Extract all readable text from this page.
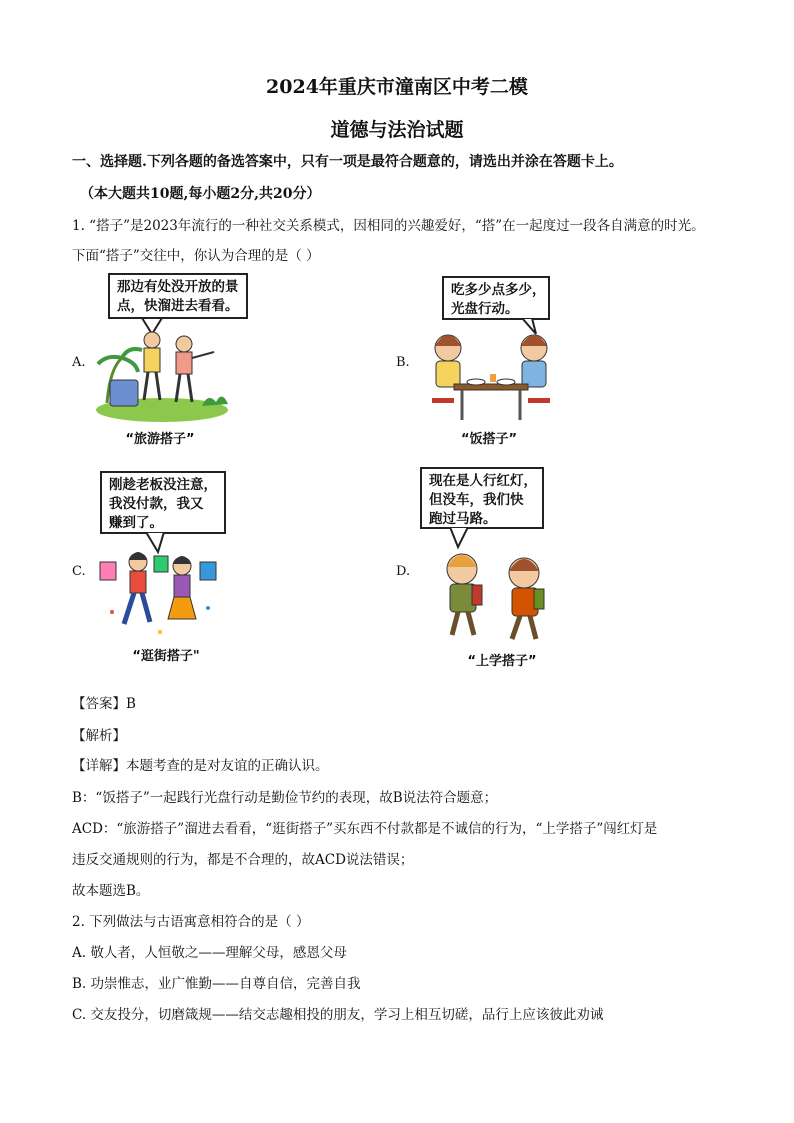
2024年重庆市潼南区中考二模
道德与法治试题
一、选择题.下列各题的备选答案中，只有一项是最符合题意的，请选出并涂在答题卡上。
（本大题共10题,每小题2分,共20分）
1. “搭子”是2023年流行的一种社交关系模式，因相同的兴趣爱好，“搭”在一起度过一段各自满意的时光。
下面“搭子”交往中，你认为合理的是（ ）
A.
那边有处没开放的景
点，快溜进去看看。
“旅游搭子”
B.
吃多少点多少，
光盘行动。
“饭搭子”
C.
刚趁老板没注意，
我没付款，我又
赚到了。
“逛街搭子"
D.
现在是人行红灯，
但没车，我们快
跑过马路。
“上学搭子”
【答案】B
【解析】
【详解】本题考查的是对友谊的正确认识。
B：“饭搭子”一起践行光盘行动是勤俭节约的表现，故B说法符合题意；
ACD：“旅游搭子”溜进去看看，“逛街搭子”买东西不付款都是不诚信的行为，“上学搭子”闯红灯是
违反交通规则的行为，都是不合理的，故ACD说法错误；
故本题选B。
2. 下列做法与古语寓意相符合的是（ ）
A. 敬人者，人恒敬之——理解父母，感恩父母
B. 功崇惟志，业广惟勤——自尊自信，完善自我
C. 交友投分，切磨箴规——结交志趣相投的朋友，学习上相互切磋，品行上应该彼此劝诫
